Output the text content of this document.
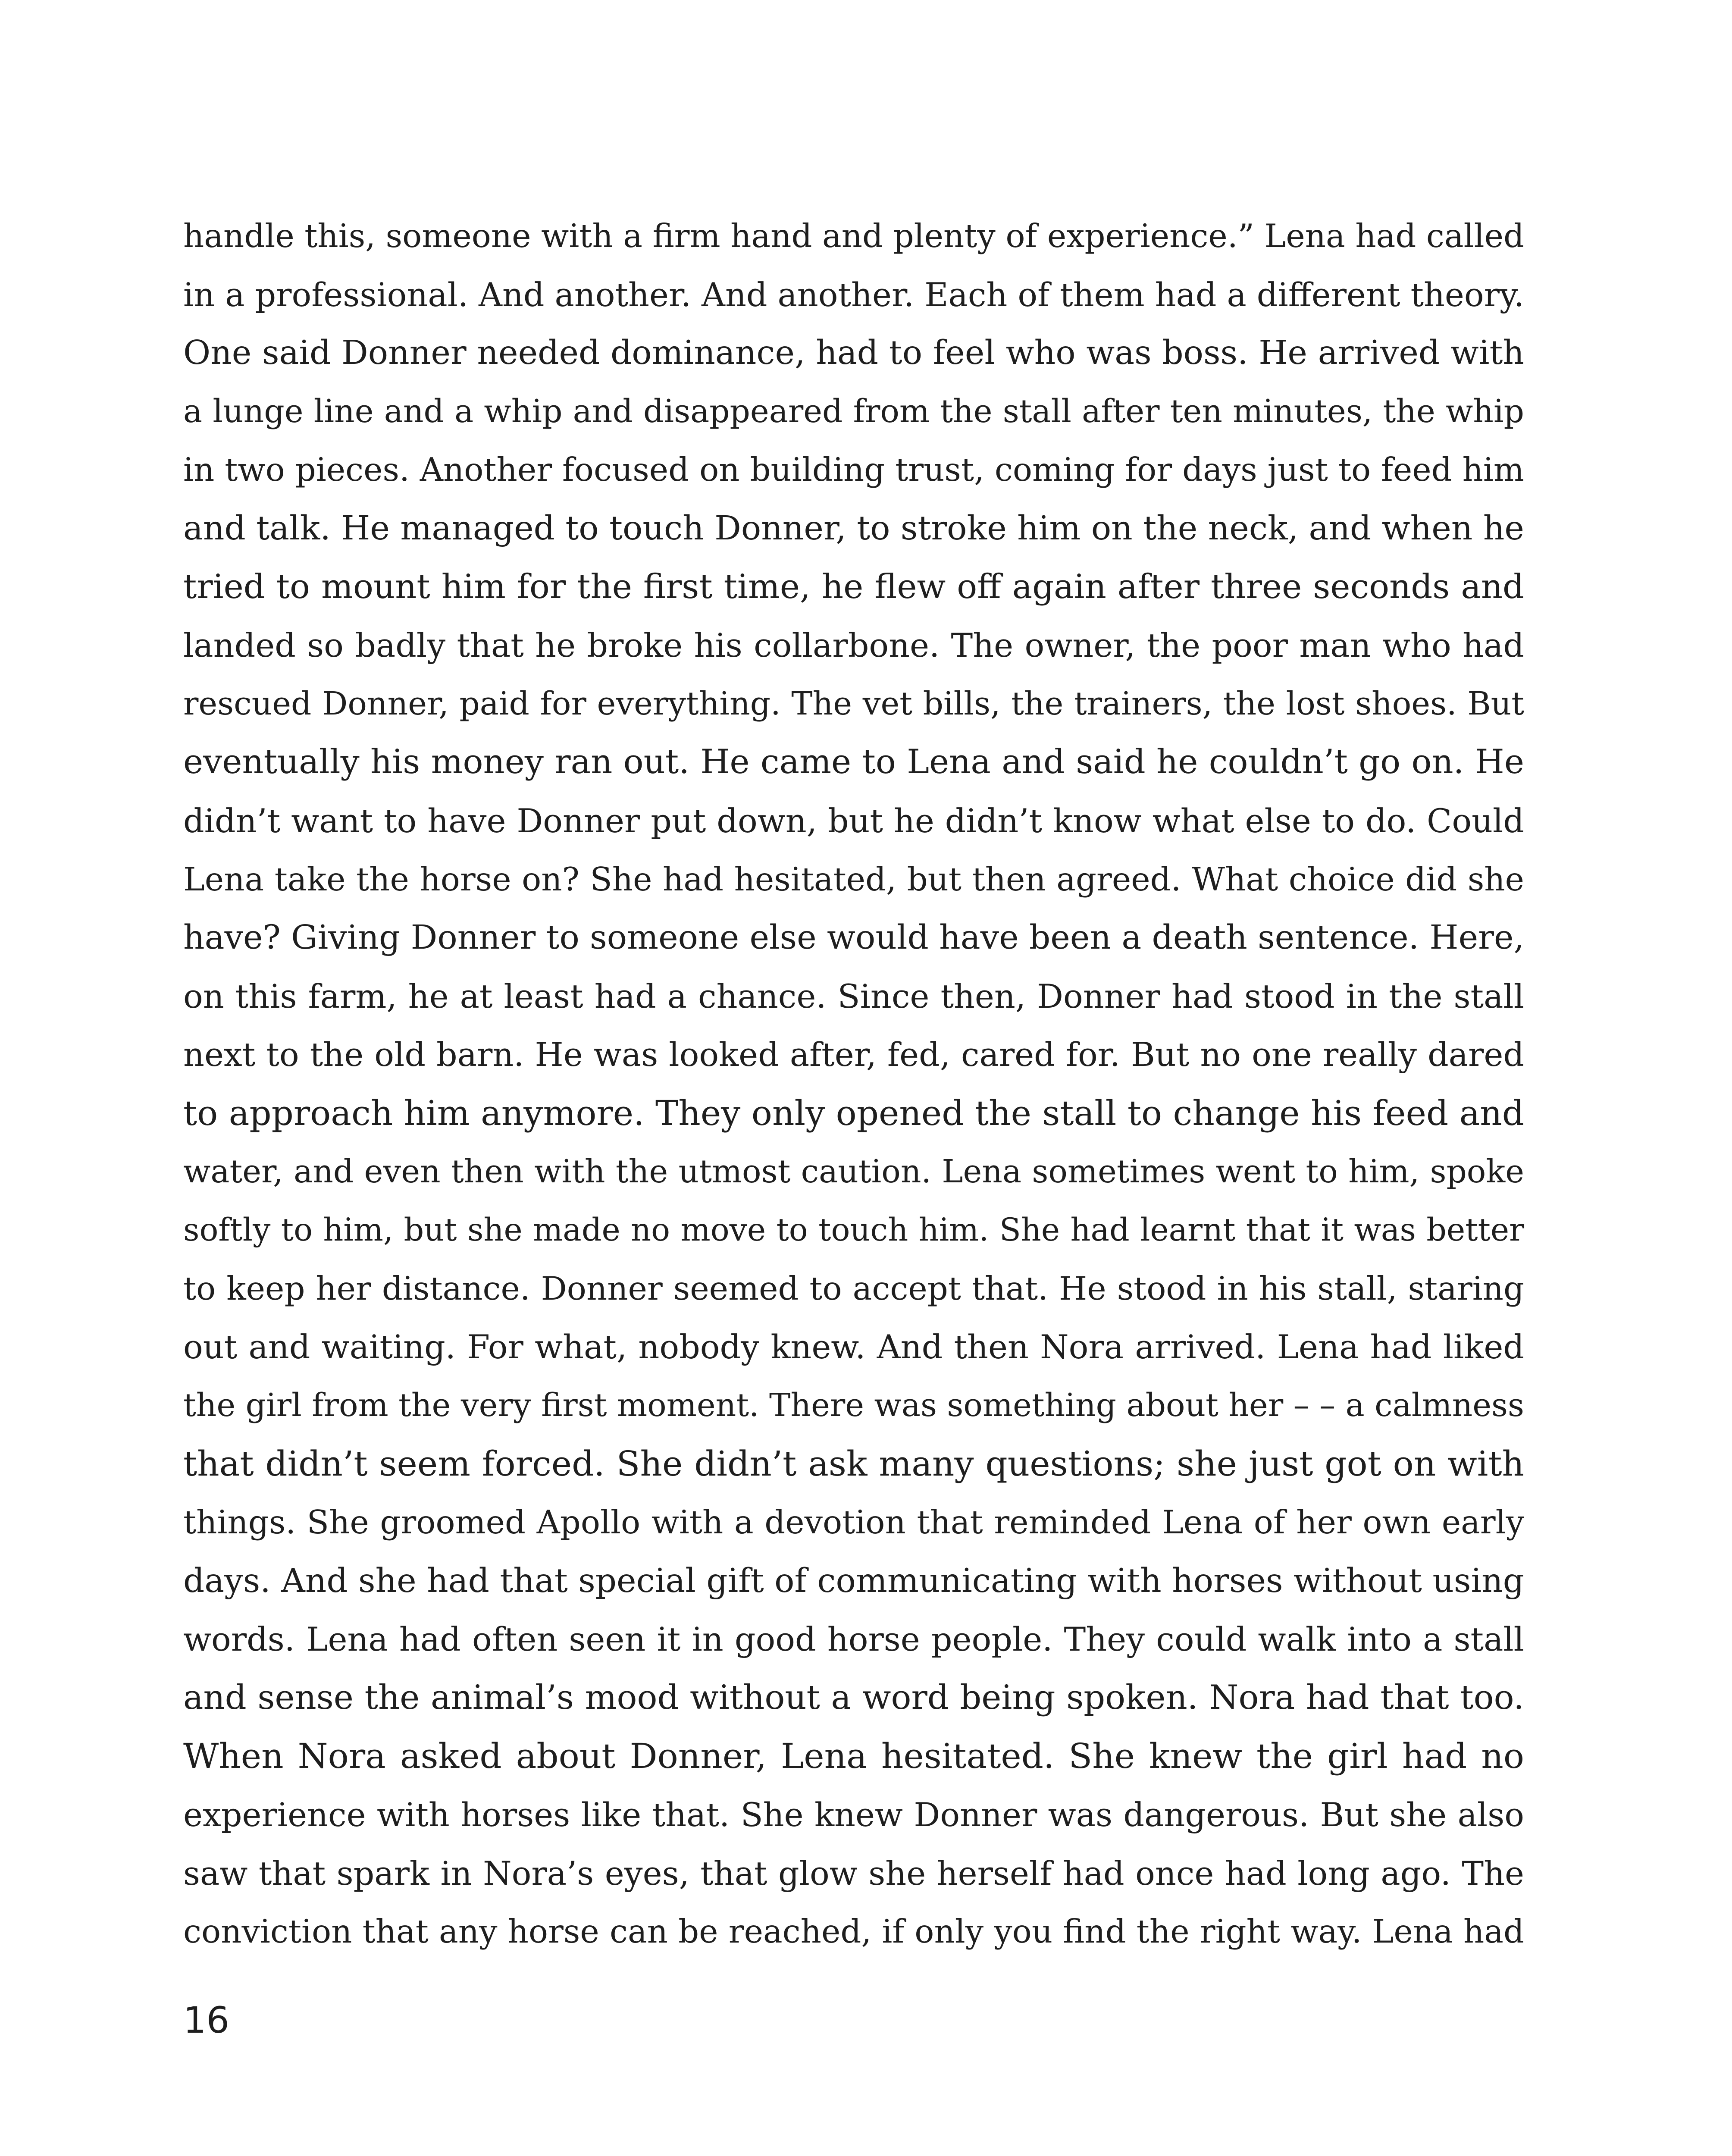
handle this, someone with a firm hand and plenty of experience.” Lena had called
in a professional. And another. And another. Each of them had a different theory.
One said Donner needed dominance, had to feel who was boss. He arrived with
a lunge line and a whip and disappeared from the stall after ten minutes, the whip
in two pieces. Another focused on building trust, coming for days just to feed him
and talk. He managed to touch Donner, to stroke him on the neck, and when he
tried to mount him for the first time, he flew off again after three seconds and
landed so badly that he broke his collarbone. The owner, the poor man who had
rescued Donner, paid for everything. The vet bills, the trainers, the lost shoes. But
eventually his money ran out. He came to Lena and said he couldn’t go on. He
didn’t want to have Donner put down, but he didn’t know what else to do. Could
Lena take the horse on? She had hesitated, but then agreed. What choice did she
have? Giving Donner to someone else would have been a death sentence. Here,
on this farm, he at least had a chance. Since then, Donner had stood in the stall
next to the old barn. He was looked after, fed, cared for. But no one really dared
to approach him anymore. They only opened the stall to change his feed and
water, and even then with the utmost caution. Lena sometimes went to him, spoke
softly to him, but she made no move to touch him. She had learnt that it was better
to keep her distance. Donner seemed to accept that. He stood in his stall, staring
out and waiting. For what, nobody knew. And then Nora arrived. Lena had liked
the girl from the very first moment. There was something about her – – a calmness
that didn’t seem forced. She didn’t ask many questions; she just got on with
things. She groomed Apollo with a devotion that reminded Lena of her own early
days. And she had that special gift of communicating with horses without using
words. Lena had often seen it in good horse people. They could walk into a stall
and sense the animal’s mood without a word being spoken. Nora had that too.
When Nora asked about Donner, Lena hesitated. She knew the girl had no
experience with horses like that. She knew Donner was dangerous. But she also
saw that spark in Nora’s eyes, that glow she herself had once had long ago. The
conviction that any horse can be reached, if only you find the right way. Lena had

16
